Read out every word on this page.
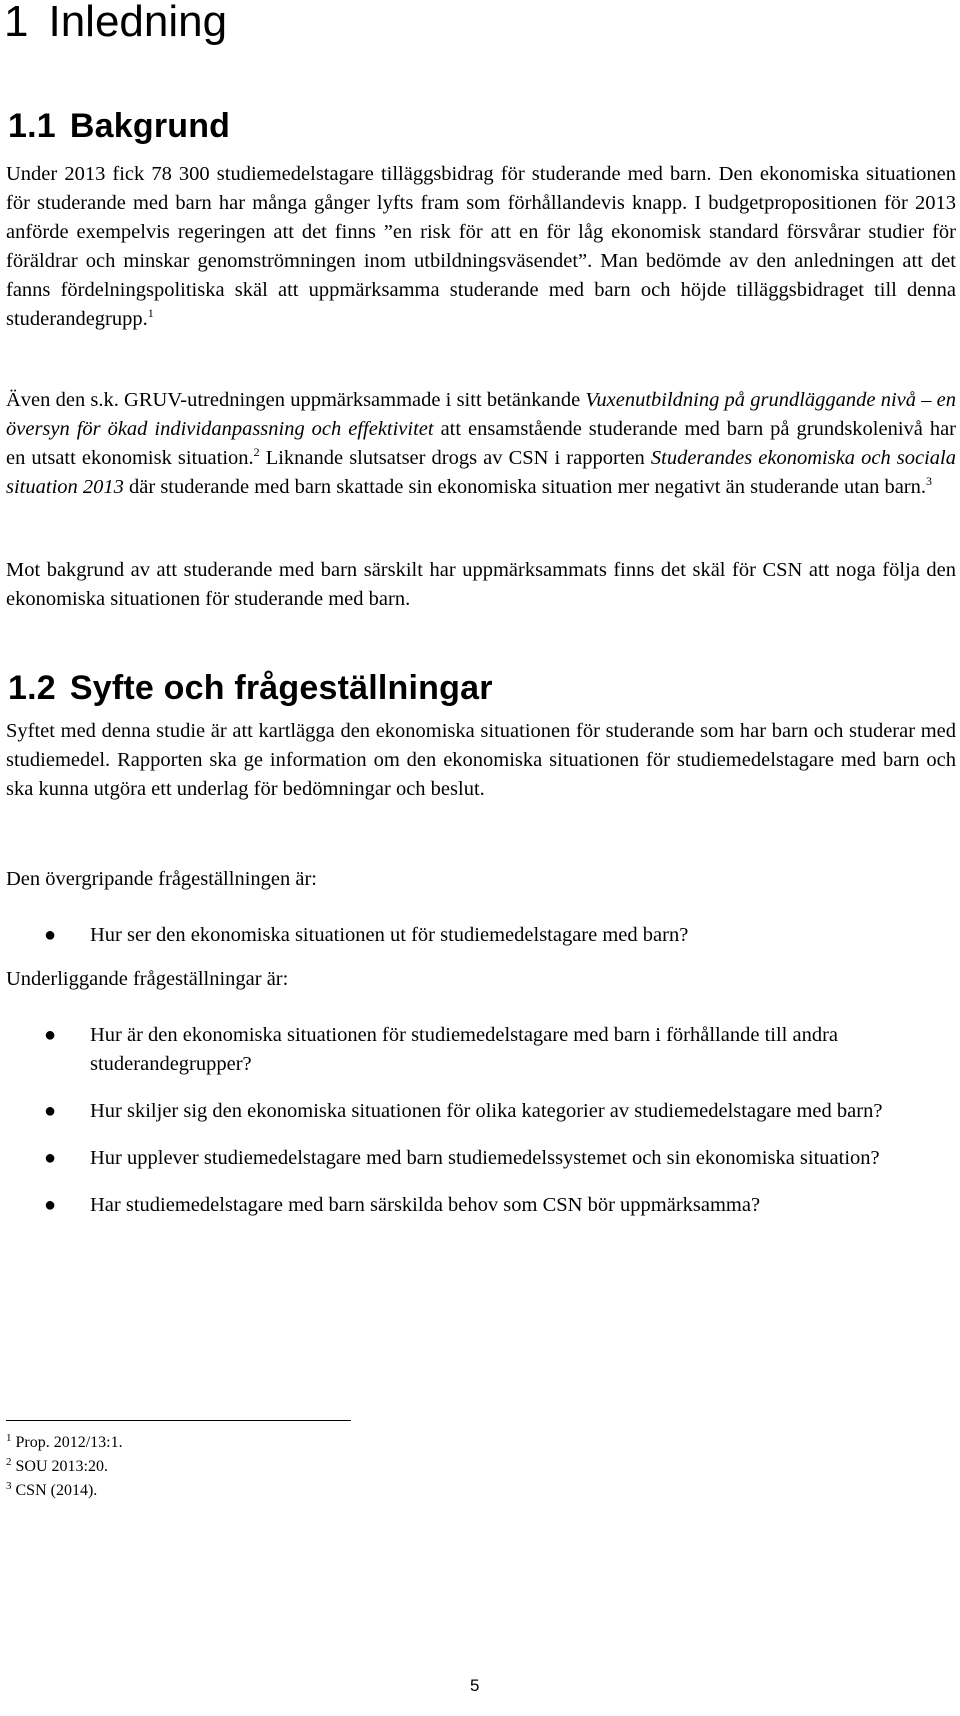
1 Inledning
1.1 Bakgrund

Under 2013 fick 78 300 studiemedelstagare tilläggsbidrag för studerande med barn. Den ekonomiska situationen för studerande med barn har många gånger lyfts fram som förhållandevis knapp. I budgetpropositionen för 2013 anförde exempelvis regeringen att det finns ”en risk för att en för låg ekonomisk standard försvårar studier för föräldrar och minskar genomströmningen inom utbildningsväsendet”. Man bedömde av den anledningen att det fanns fördelningspolitiska skäl att uppmärksamma studerande med barn och höjde tilläggsbidraget till denna studerandegrupp.$^1$

Även den s.k. GRUV-utredningen uppmärksammade i sitt betänkande Vuxenutbildning på grundläggande nivå – en översyn för ökad individanpassning och effektivitet att ensamstående studerande med barn på grundskolenivå har en utsatt ekonomisk situation.$^2$ Liknande slutsatser drogs av CSN i rapporten Studerandes ekonomiska och sociala situation 2013 där studerande med barn skattade sin ekonomiska situation mer negativt än studerande utan barn.$^3$

Mot bakgrund av att studerande med barn särskilt har uppmärksammats finns det skäl för CSN att noga följa den ekonomiska situationen för studerande med barn.

1.2 Syfte och frågeställningar

Syftet med denna studie är att kartlägga den ekonomiska situationen för studerande som har barn och studerar med studiemedel. Rapporten ska ge information om den ekonomiska situationen för studiemedelstagare med barn och ska kunna utgöra ett underlag för bedömningar och beslut.

Den övergripande frågeställningen är:

● Hur ser den ekonomiska situationen ut för studiemedelstagare med barn?

Underliggande frågeställningar är:

● Hur är den ekonomiska situationen för studiemedelstagare med barn i förhållande till andra studerandegrupper?
● Hur skiljer sig den ekonomiska situationen för olika kategorier av studiemedelstagare med barn?
● Hur upplever studiemedelstagare med barn studiemedelssystemet och sin ekonomiska situation?
● Har studiemedelstagare med barn särskilda behov som CSN bör uppmärksamma?
$^1$ Prop. 2012/13:1.
$^2$ SOU 2013:20.
$^3$ CSN (2014).
5
